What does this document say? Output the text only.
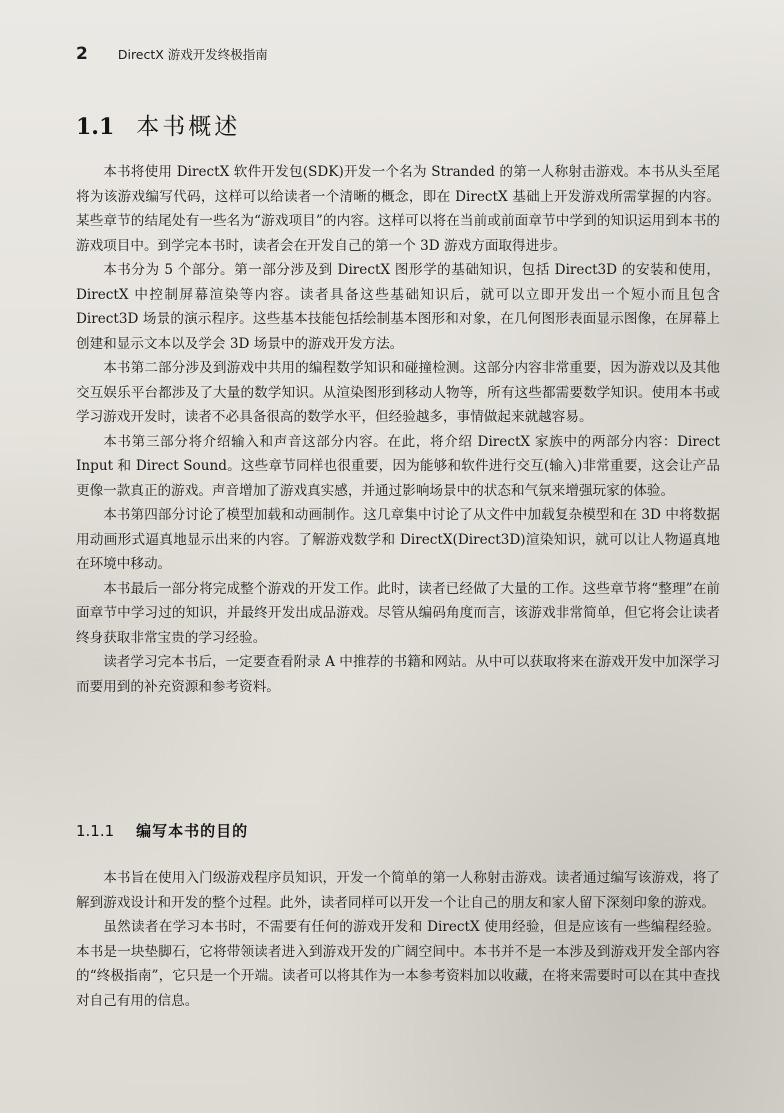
2 DirectX 游戏开发终极指南
1.1 本书概述

本书将使用 DirectX 软件开发包(SDK)开发一个名为 Stranded 的第一人称射击游戏。本书从头至尾将为该游戏编写代码，这样可以给读者一个清晰的概念，即在 DirectX 基础上开发游戏所需掌握的内容。某些章节的结尾处有一些名为“游戏项目”的内容。这样可以将在当前或前面章节中学到的知识运用到本书的游戏项目中。到学完本书时，读者会在开发自己的第一个 3D 游戏方面取得进步。

本书分为 5 个部分。第一部分涉及到 DirectX 图形学的基础知识，包括 Direct3D 的安装和使用，DirectX 中控制屏幕渲染等内容。读者具备这些基础知识后，就可以立即开发出一个短小而且包含 Direct3D 场景的演示程序。这些基本技能包括绘制基本图形和对象，在几何图形表面显示图像，在屏幕上创建和显示文本以及学会 3D 场景中的游戏开发方法。

本书第二部分涉及到游戏中共用的编程数学知识和碰撞检测。这部分内容非常重要，因为游戏以及其他交互娱乐平台都涉及了大量的数学知识。从渲染图形到移动人物等，所有这些都需要数学知识。使用本书或学习游戏开发时，读者不必具备很高的数学水平，但经验越多，事情做起来就越容易。

本书第三部分将介绍输入和声音这部分内容。在此，将介绍 DirectX 家族中的两部分内容：Direct Input 和 Direct Sound。这些章节同样也很重要，因为能够和软件进行交互(输入)非常重要，这会让产品更像一款真正的游戏。声音增加了游戏真实感，并通过影响场景中的状态和气氛来增强玩家的体验。

本书第四部分讨论了模型加载和动画制作。这几章集中讨论了从文件中加载复杂模型和在 3D 中将数据用动画形式逼真地显示出来的内容。了解游戏数学和 DirectX(Direct3D)渲染知识，就可以让人物逼真地在环境中移动。

本书最后一部分将完成整个游戏的开发工作。此时，读者已经做了大量的工作。这些章节将“整理”在前面章节中学习过的知识，并最终开发出成品游戏。尽管从编码角度而言，该游戏非常简单，但它将会让读者终身获取非常宝贵的学习经验。

读者学习完本书后，一定要查看附录 A 中推荐的书籍和网站。从中可以获取将来在游戏开发中加深学习而要用到的补充资源和参考资料。

1.1.1 编写本书的目的

本书旨在使用入门级游戏程序员知识，开发一个简单的第一人称射击游戏。读者通过编写该游戏，将了解到游戏设计和开发的整个过程。此外，读者同样可以开发一个让自己的朋友和家人留下深刻印象的游戏。

虽然读者在学习本书时，不需要有任何的游戏开发和 DirectX 使用经验，但是应该有一些编程经验。本书是一块垫脚石，它将带领读者进入到游戏开发的广阔空间中。本书并不是一本涉及到游戏开发全部内容的“终极指南”，它只是一个开端。读者可以将其作为一本参考资料加以收藏，在将来需要时可以在其中查找对自己有用的信息。
